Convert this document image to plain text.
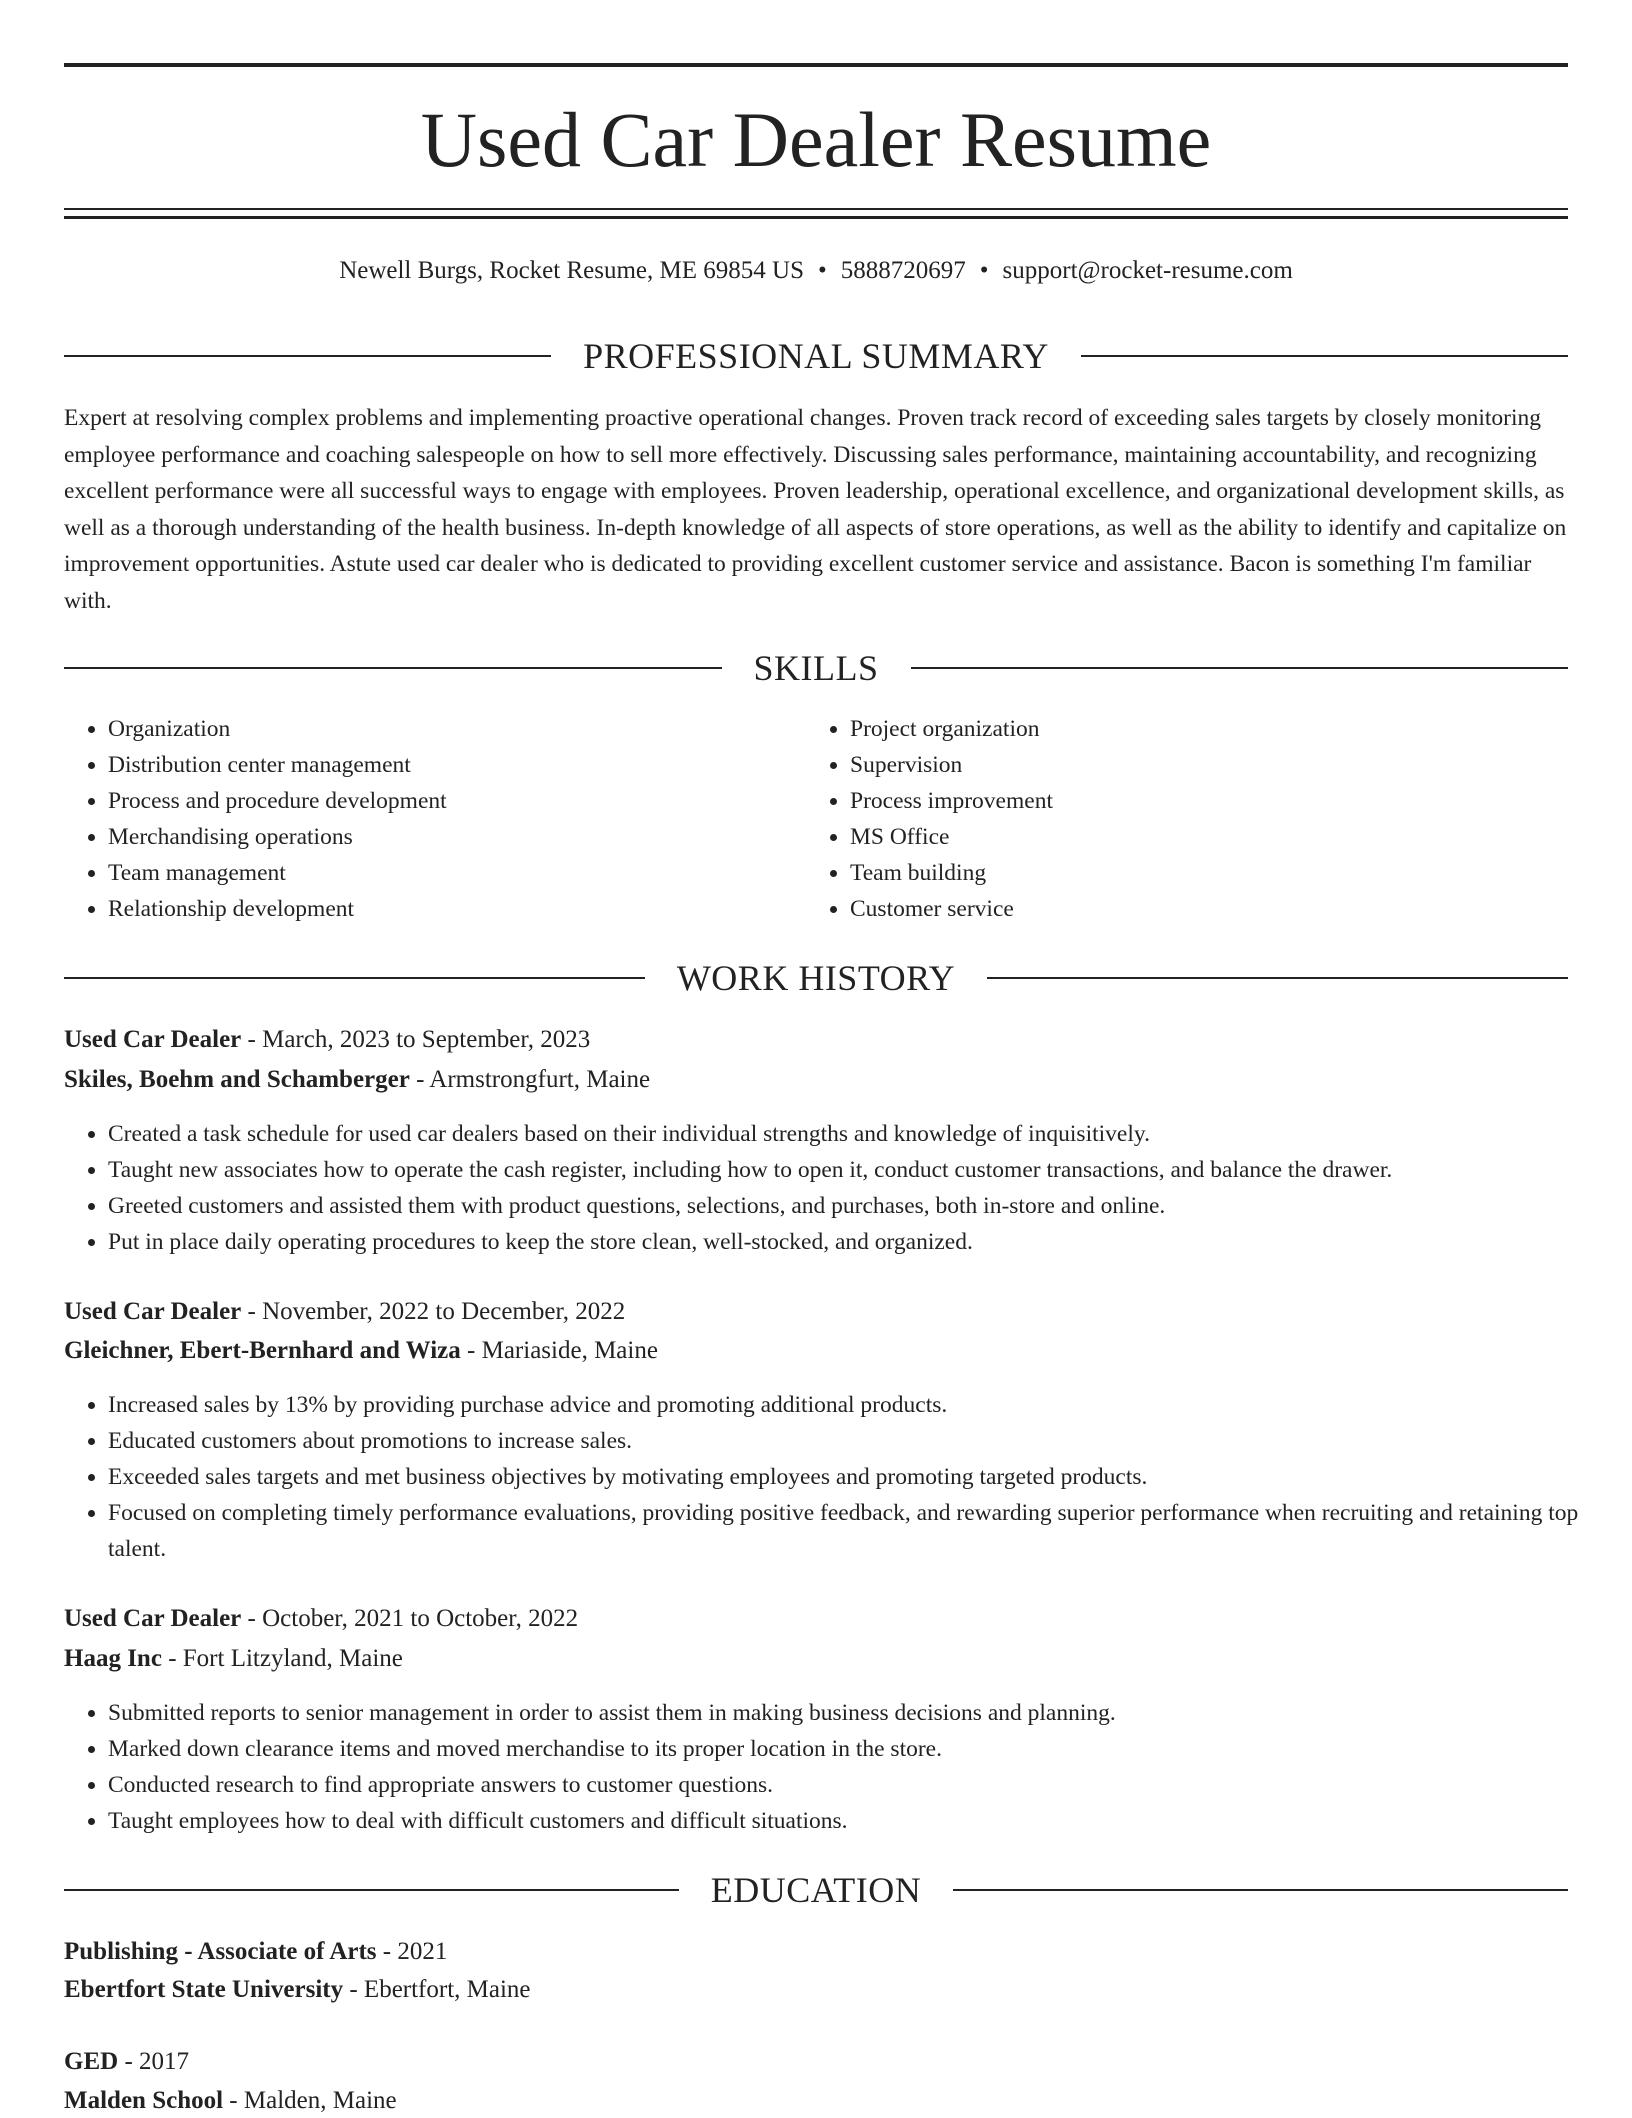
Used Car Dealer Resume
Newell Burgs, Rocket Resume, ME 69854 US • 5888720697 • support@rocket-resume.com
PROFESSIONAL SUMMARY

Expert at resolving complex problems and implementing proactive operational changes. Proven track record of exceeding sales targets by closely monitoring employee performance and coaching salespeople on how to sell more effectively. Discussing sales performance, maintaining accountability, and recognizing excellent performance were all successful ways to engage with employees. Proven leadership, operational excellence, and organizational development skills, as well as a thorough understanding of the health business. In-depth knowledge of all aspects of store operations, as well as the ability to identify and capitalize on improvement opportunities. Astute used car dealer who is dedicated to providing excellent customer service and assistance. Bacon is something I'm familiar with.

SKILLS
• Organization
• Distribution center management
• Process and procedure development
• Merchandising operations
• Team management
• Relationship development
• Project organization
• Supervision
• Process improvement
• MS Office
• Team building
• Customer service
WORK HISTORY
Used Car Dealer - March, 2023 to September, 2023
Skiles, Boehm and Schamberger - Armstrongfurt, Maine
• Created a task schedule for used car dealers based on their individual strengths and knowledge of inquisitively.
• Taught new associates how to operate the cash register, including how to open it, conduct customer transactions, and balance the drawer.
• Greeted customers and assisted them with product questions, selections, and purchases, both in-store and online.
• Put in place daily operating procedures to keep the store clean, well-stocked, and organized.
Used Car Dealer - November, 2022 to December, 2022
Gleichner, Ebert-Bernhard and Wiza - Mariaside, Maine
• Increased sales by 13% by providing purchase advice and promoting additional products.
• Educated customers about promotions to increase sales.
• Exceeded sales targets and met business objectives by motivating employees and promoting targeted products.
• Focused on completing timely performance evaluations, providing positive feedback, and rewarding superior performance when recruiting and retaining top talent.
Used Car Dealer - October, 2021 to October, 2022
Haag Inc - Fort Litzyland, Maine
• Submitted reports to senior management in order to assist them in making business decisions and planning.
• Marked down clearance items and moved merchandise to its proper location in the store.
• Conducted research to find appropriate answers to customer questions.
• Taught employees how to deal with difficult customers and difficult situations.
EDUCATION
Publishing - Associate of Arts - 2021
Ebertfort State University - Ebertfort, Maine
GED - 2017
Malden School - Malden, Maine
